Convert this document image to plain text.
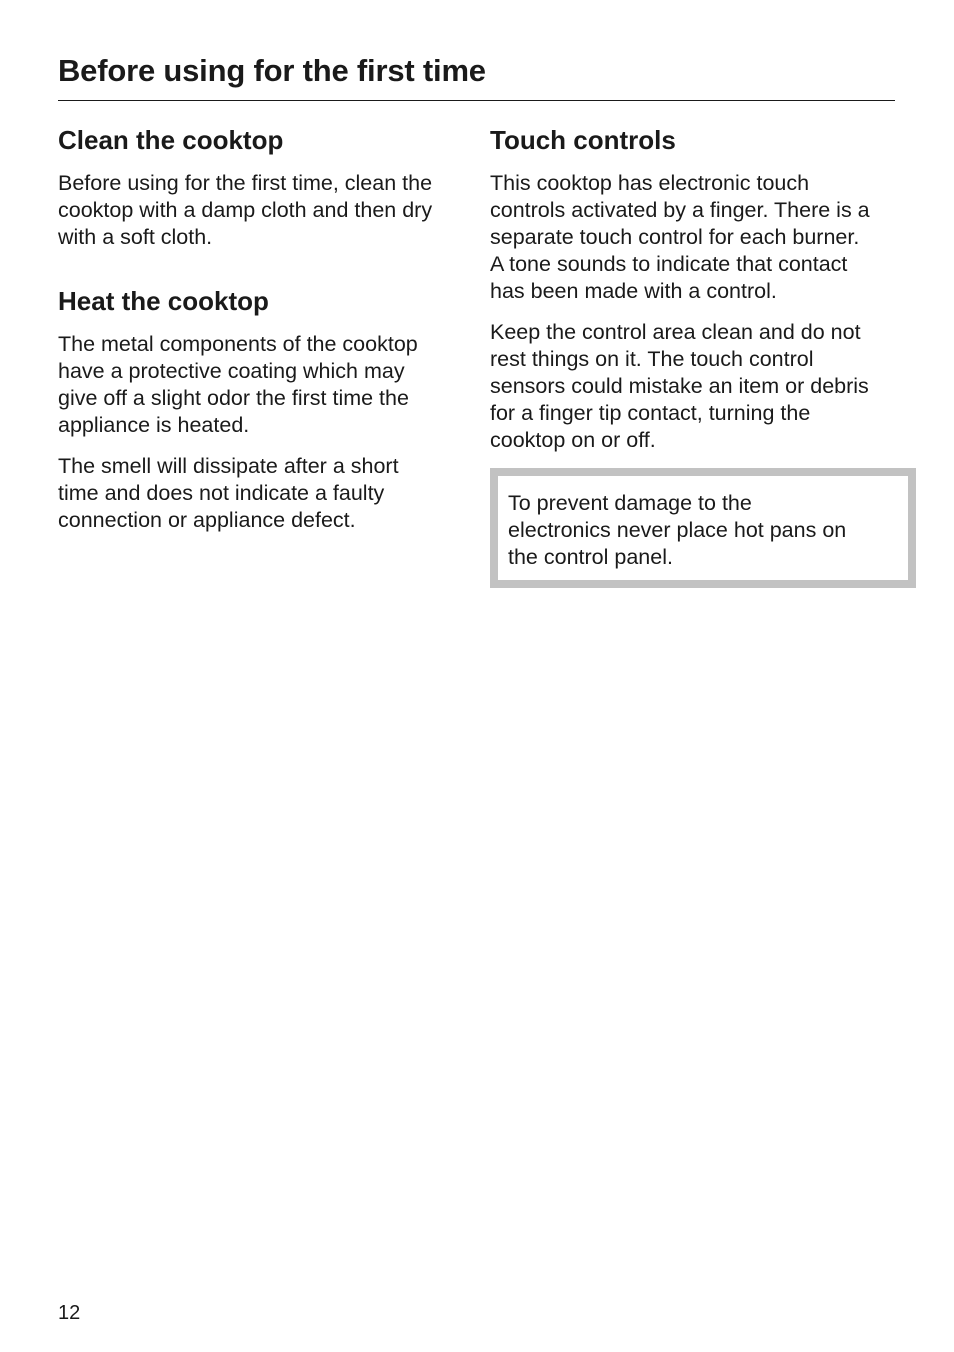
Before using for the first time
Clean the cooktop

Before using for the first time, clean the
cooktop with a damp cloth and then dry
with a soft cloth.

Heat the cooktop

The metal components of the cooktop
have a protective coating which may
give off a slight odor the first time the
appliance is heated.

The smell will dissipate after a short
time and does not indicate a faulty
connection or appliance defect.

Touch controls

This cooktop has electronic touch
controls activated by a finger. There is a
separate touch control for each burner.
A tone sounds to indicate that contact
has been made with a control.

Keep the control area clean and do not
rest things on it. The touch control
sensors could mistake an item or debris
for a finger tip contact, turning the
cooktop on or off.

To prevent damage to the
electronics never place hot pans on
the control panel.
12
